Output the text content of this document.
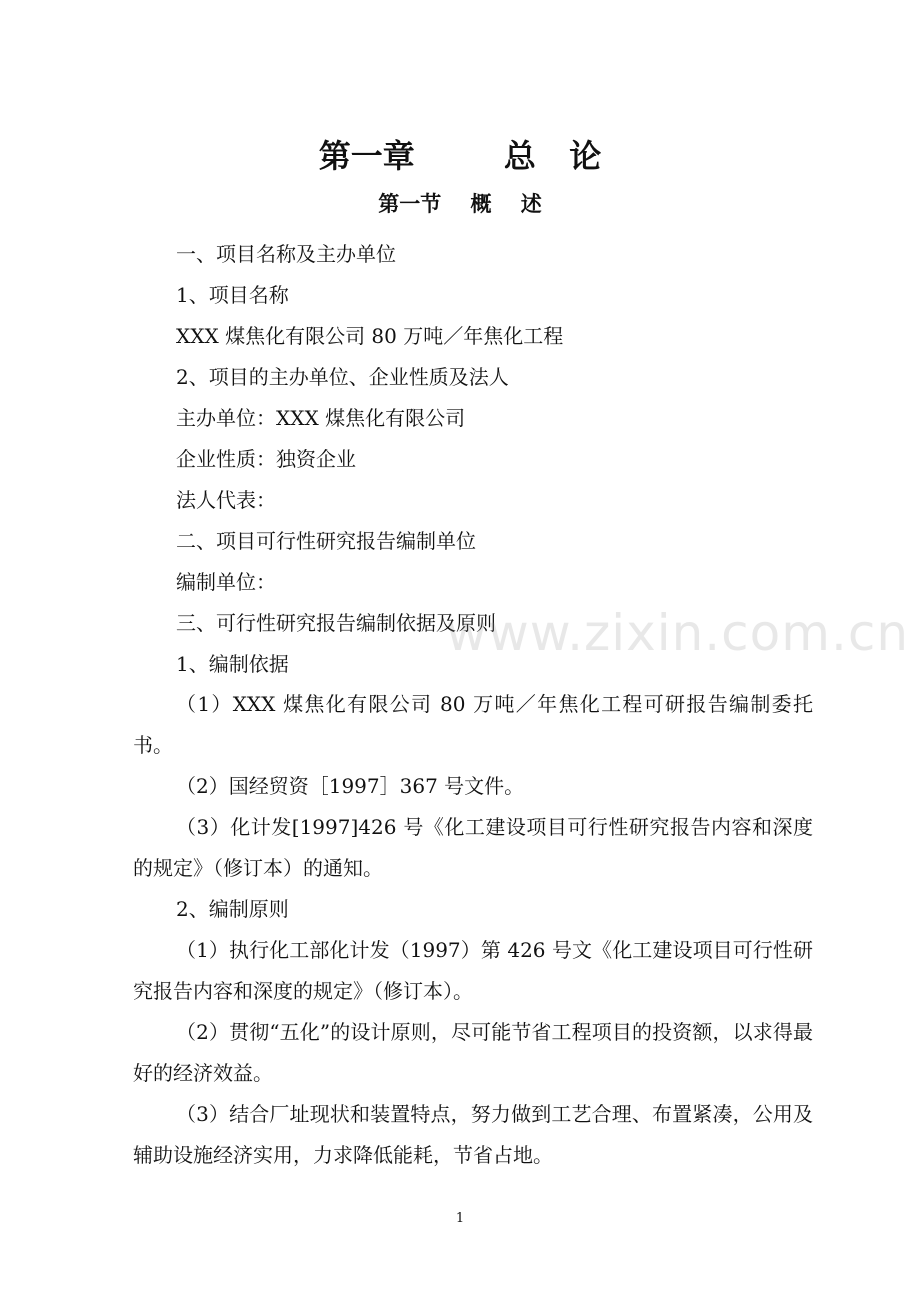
第一章        总   论
第一节    概    述
一、项目名称及主办单位
1、项目名称
XXX 煤焦化有限公司 80 万吨／年焦化工程
2、项目的主办单位、企业性质及法人
主办单位：XXX 煤焦化有限公司
企业性质：独资企业
法人代表：
二、项目可行性研究报告编制单位
编制单位：
三、可行性研究报告编制依据及原则
1、编制依据

（1）XXX 煤焦化有限公司 80 万吨／年焦化工程可研报告编制委托书。

（2）国经贸资［1997］367 号文件。

（3）化计发[1997]426 号《化工建设项目可行性研究报告内容和深度的规定》（修订本）的通知。

2、编制原则

（1）执行化工部化计发（1997）第 426 号文《化工建设项目可行性研究报告内容和深度的规定》（修订本）。

（2）贯彻“五化”的设计原则，尽可能节省工程项目的投资额，以求得最好的经济效益。

（3）结合厂址现状和装置特点，努力做到工艺合理、布置紧凑，公用及辅助设施经济实用，力求降低能耗，节省占地。

www.zixin.com.cn
1
